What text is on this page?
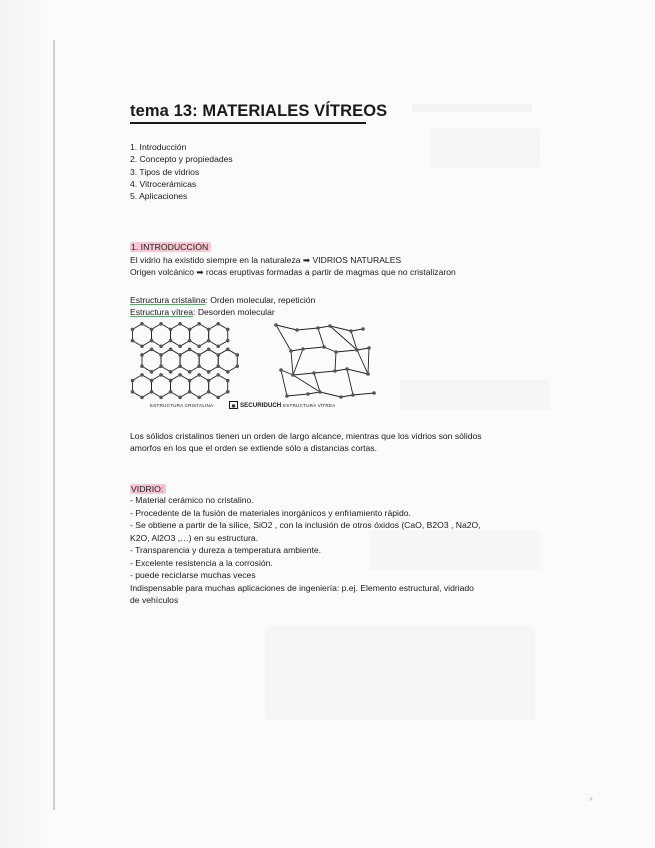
tema 13: MATERIALES VÍTREOS
1. Introducción
2. Concepto y propiedades
3. Tipos de vidrios
4. Vitrocerámicas
5. Aplicaciones
1. INTRODUCCIÓN
El vidrio ha existido siempre en la naturaleza ➡ VIDRIOS NATURALES
Origen volcánico ➡ rocas eruptivas formadas a partir de magmas que no cristalizaron
Estructura cristalina: Orden molecular, repetición
Estructura vítrea: Desorden molecular
ESTRUCTURA CRISTALINA	▣ SECURIDUCH ESTRUCTURA VÍTREA
Los sólidos cristalinos tienen un orden de largo alcance, mientras que los vidrios son sólidos
amorfos en los que el orden se extiende sólo a distancias cortas.
VIDRIO:
- Material cerámico no cristalino.
- Procedente de la fusión de materiales inorgánicos y enfriamiento rápido.
- Se obtiene a partir de la sílice, SiO2 , con la inclusión de otros óxidos (CaO, B2O3 , Na2O,
K2O, Al2O3 ,…) en su estructura.
- Transparencia y dureza a temperatura ambiente.
- Excelente resistencia a la corrosión.
- puede reciclarse muchas veces
Indispensable para muchas aplicaciones de ingeniería: p.ej. Elemento estructural, vidriado
de vehículos
⸝
